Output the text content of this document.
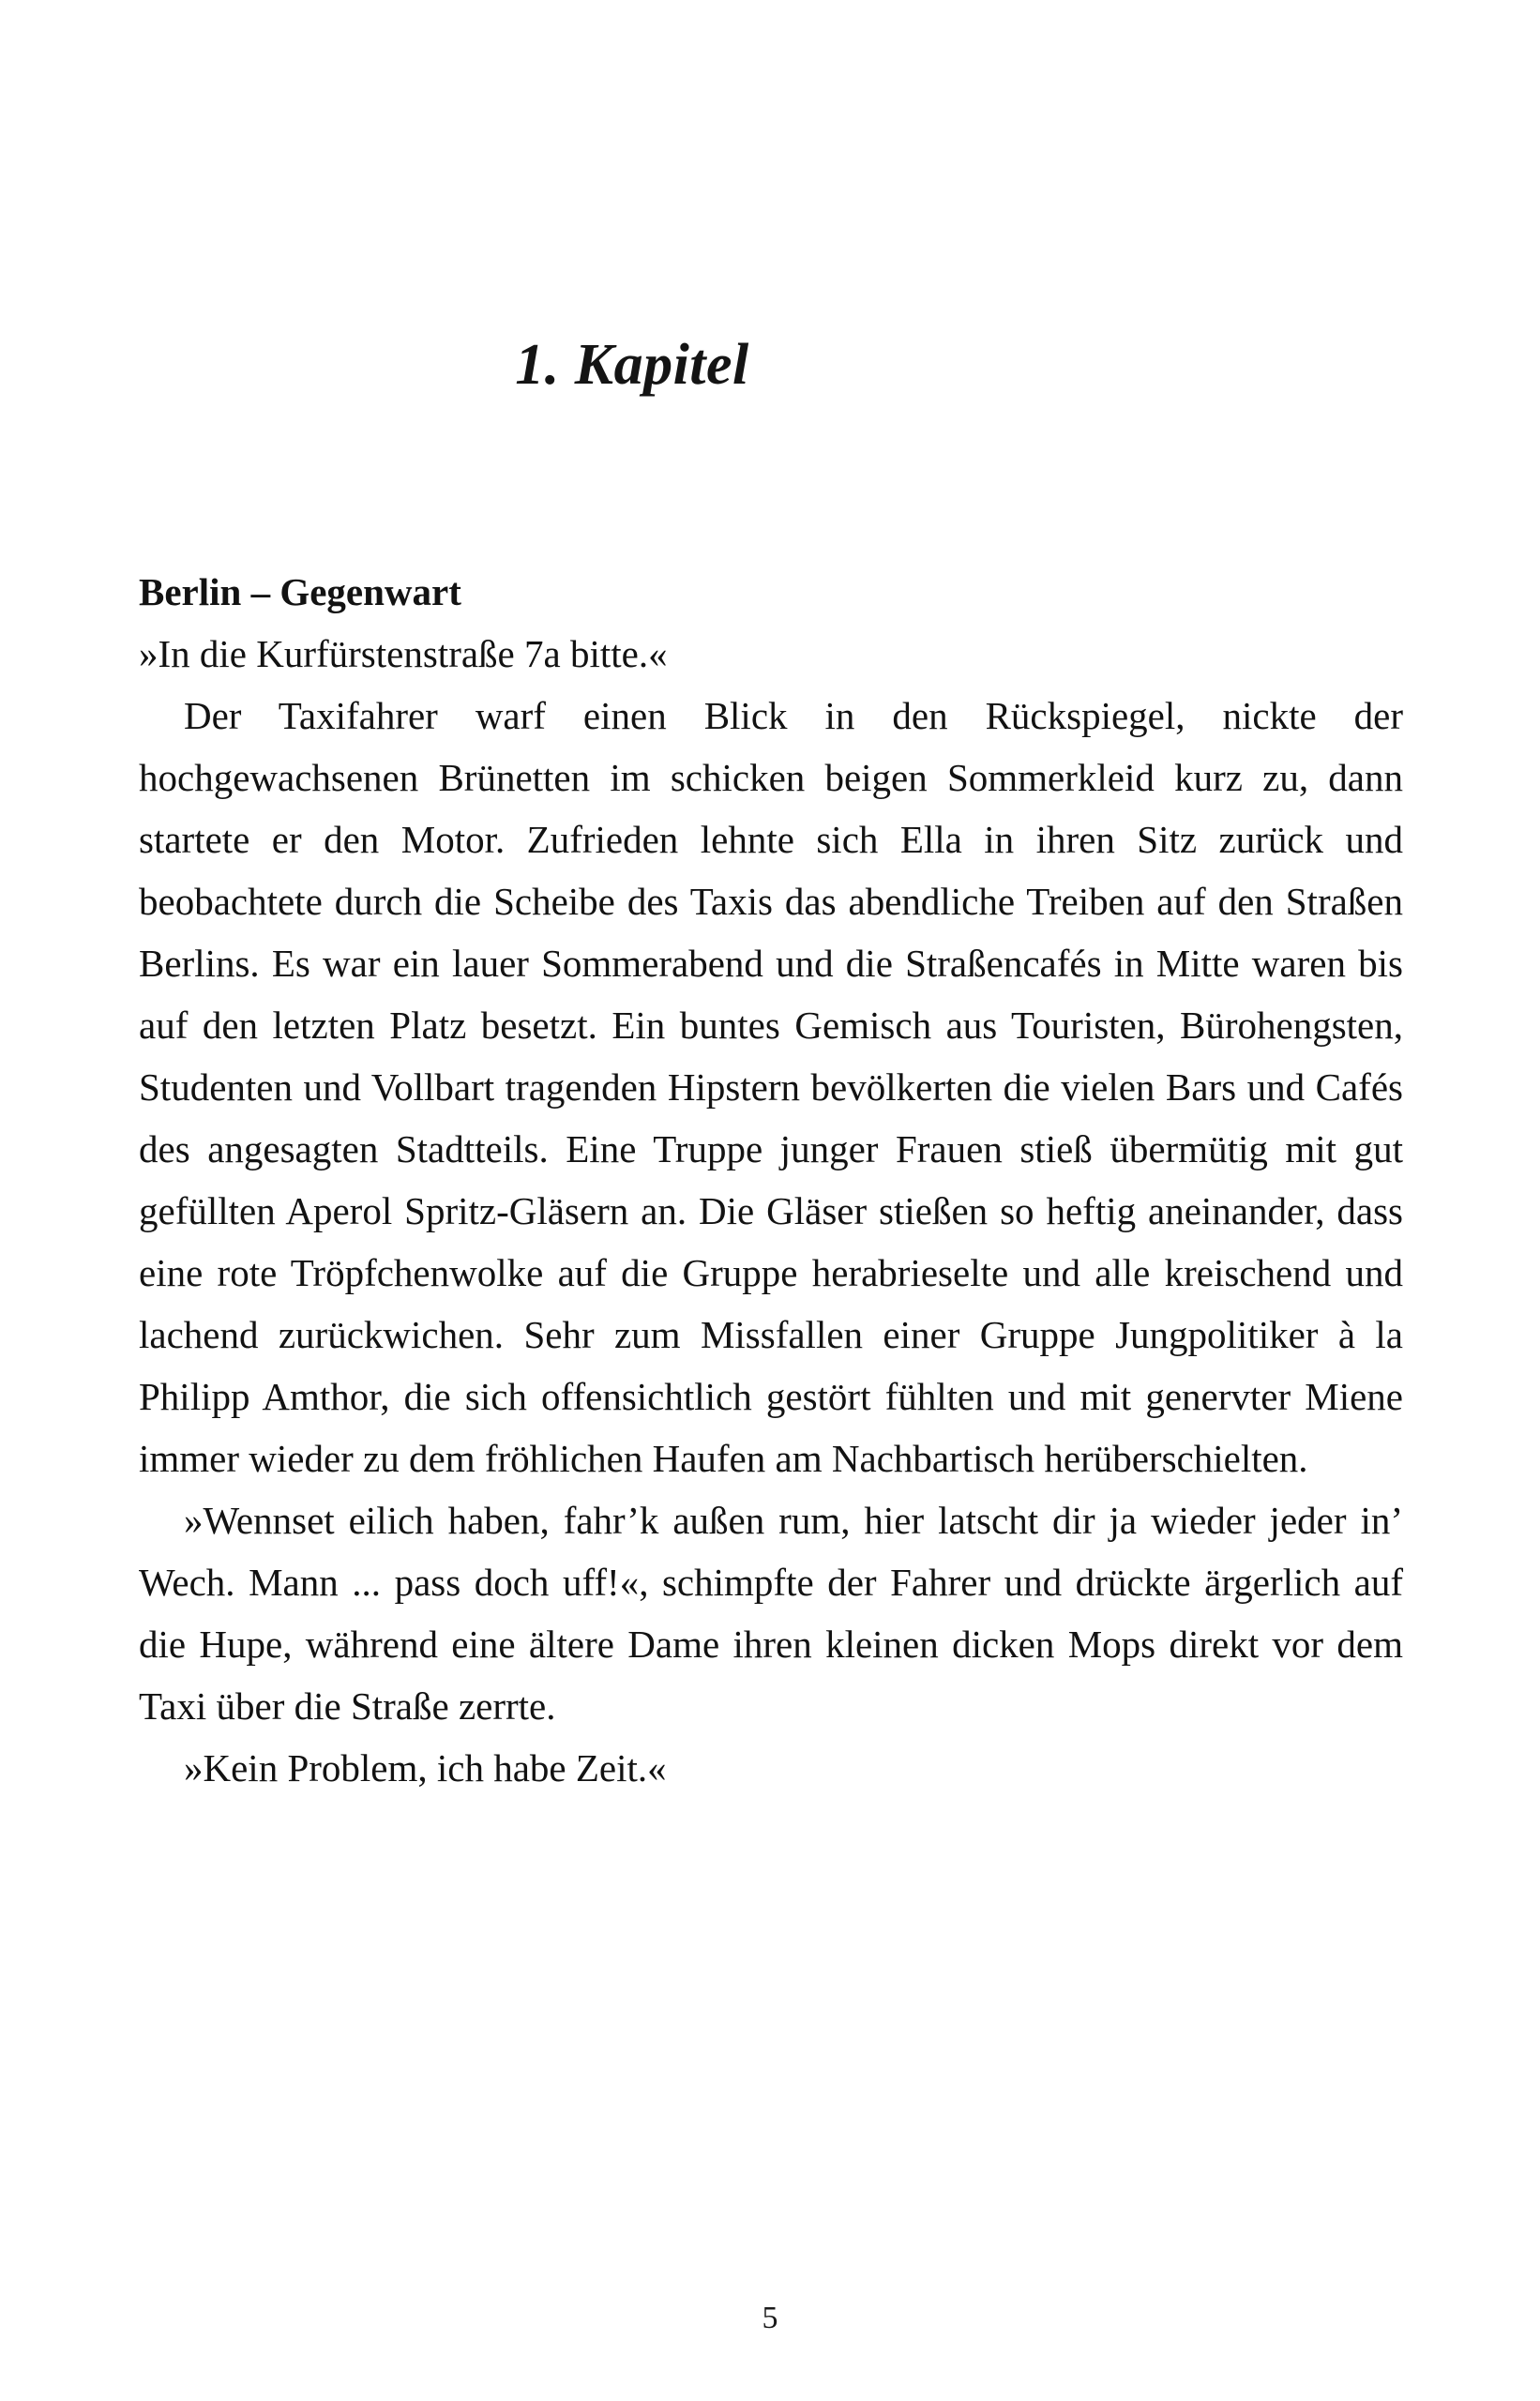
1. Kapitel
Berlin – Gegenwart

»In die Kurfürstenstraße 7a bitte.«

Der Taxifahrer warf einen Blick in den Rückspiegel, nickte der hochgewachsenen Brünetten im schicken beigen Sommerkleid kurz zu, dann startete er den Motor. Zufrieden lehnte sich Ella in ihren Sitz zurück und beobachtete durch die Scheibe des Taxis das abendliche Treiben auf den Straßen Berlins. Es war ein lauer Sommerabend und die Straßencafés in Mitte waren bis auf den letzten Platz besetzt. Ein buntes Gemisch aus Touristen, Bürohengsten, Studenten und Vollbart tragenden Hipstern bevölkerten die vielen Bars und Cafés des angesagten Stadtteils. Eine Truppe junger Frauen stieß übermütig mit gut gefüllten Aperol Spritz-Gläsern an. Die Gläser stießen so heftig aneinander, dass eine rote Tröpfchenwolke auf die Gruppe herabrieselte und alle kreischend und lachend zurückwichen. Sehr zum Missfallen einer Gruppe Jungpolitiker à la Philipp Amthor, die sich offensichtlich gestört fühlten und mit genervter Miene immer wieder zu dem fröhlichen Haufen am Nachbartisch herüberschielten.

»Wennset eilich haben, fahr’k außen rum, hier latscht dir ja wieder jeder in’ Wech. Mann ... pass doch uff!«, schimpfte der Fahrer und drückte ärgerlich auf die Hupe, während eine ältere Dame ihren kleinen dicken Mops direkt vor dem Taxi über die Straße zerrte.

»Kein Problem, ich habe Zeit.«

5
